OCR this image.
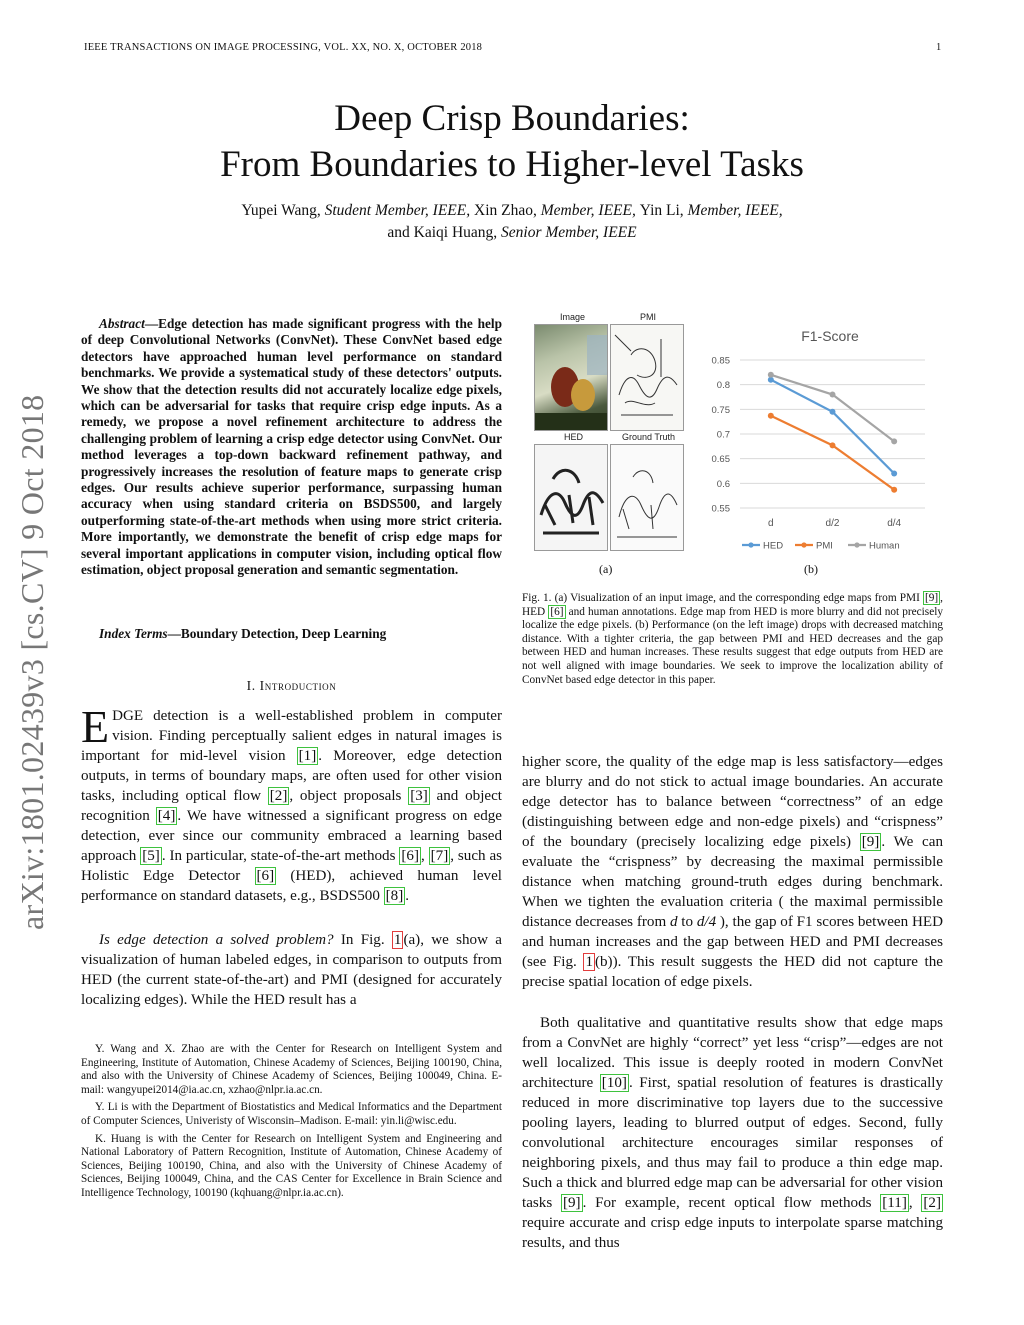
IEEE TRANSACTIONS ON IMAGE PROCESSING, VOL. XX, NO. X, OCTOBER 2018	1
arXiv:1801.02439v3 [cs.CV] 9 Oct 2018
Deep Crisp Boundaries:
From Boundaries to Higher-level Tasks
Yupei Wang, Student Member, IEEE, Xin Zhao, Member, IEEE, Yin Li, Member, IEEE,
and Kaiqi Huang, Senior Member, IEEE
Abstract—Edge detection has made significant progress with the help of deep Convolutional Networks (ConvNet). These ConvNet based edge detectors have approached human level performance on standard benchmarks. We provide a systematical study of these detectors' outputs. We show that the detection results did not accurately localize edge pixels, which can be adversarial for tasks that require crisp edge inputs. As a remedy, we propose a novel refinement architecture to address the challenging problem of learning a crisp edge detector using ConvNet. Our method leverages a top-down backward refinement pathway, and progressively increases the resolution of feature maps to generate crisp edges. Our results achieve superior performance, surpassing human accuracy when using standard criteria on BSDS500, and largely outperforming state-of-the-art methods when using more strict criteria. More importantly, we demonstrate the benefit of crisp edge maps for several important applications in computer vision, including optical flow estimation, object proposal generation and semantic segmentation.
Index Terms—Boundary Detection, Deep Learning
I. Introduction
EDGE detection is a well-established problem in computer vision. Finding perceptually salient edges in natural images is important for mid-level vision [1] . Moreover, edge detection outputs, in terms of boundary maps, are often used for other vision tasks, including optical flow [2] , object proposals [3] and object recognition [4] . We have witnessed a significant progress on edge detection, ever since our community embraced a learning based approach [5] . In particular, state-of-the-art methods [6] , [7] , such as Holistic Edge Detector [6] (HED), achieved human level performance on standard datasets, e.g., BSDS500 [8] .
Is edge detection a solved problem? In Fig. 1 (a), we show a visualization of human labeled edges, in comparison to outputs from HED (the current state-of-the-art) and PMI (designed for accurately localizing edges). While the HED result has a

Y. Wang and X. Zhao are with the Center for Research on Intelligent System and Engineering, Institute of Automation, Chinese Academy of Sciences, Beijing 100190, China, and also with the University of Chinese Academy of Sciences, Beijing 100049, China. E-mail: wangyupei2014@ia.ac.cn, xzhao@nlpr.ia.ac.cn.

Y. Li is with the Department of Biostatistics and Medical Informatics and the Department of Computer Sciences, Univeristy of Wisconsin–Madison. E-mail: yin.li@wisc.edu.

K. Huang is with the Center for Research on Intelligent System and Engineering and National Laboratory of Pattern Recognition, Institute of Automation, Chinese Academy of Sciences, Beijing 100190, China, and also with the University of Chinese Academy of Sciences, Beijing 100049, China, and the CAS Center for Excellence in Brain Science and Intelligence Technology, 100190 (kqhuang@nlpr.ia.ac.cn).

Image	PMI
HED	Ground Truth
F1-Score
0.85
0.8
0.75
0.7
0.65
0.6
0.55
d	d/2	d/4
HED	PMI	Human
(a)	(b)
Fig. 1. (a) Visualization of an input image, and the corresponding edge maps from PMI [9] , HED [6] and human annotations. Edge map from HED is more blurry and did not precisely localize the edge pixels. (b) Performance (on the left image) drops with decreased matching distance. With a tighter criteria, the gap between PMI and HED decreases and the gap between HED and human increases. These results suggest that edge outputs from HED are not well aligned with image boundaries. We seek to improve the localization ability of ConvNet based edge detector in this paper.
higher score, the quality of the edge map is less satisfactory—edges are blurry and do not stick to actual image boundaries. An accurate edge detector has to balance between “correctness” of an edge (distinguishing between edge and non-edge pixels) and “crispness” of the boundary (precisely localizing edge pixels) [9] . We can evaluate the “crispness” by decreasing the maximal permissible distance when matching ground-truth edges during benchmark. When we tighten the evaluation criteria ( the maximal permissible distance decreases from d to d/4 ), the gap of F1 scores between HED and human increases and the gap between HED and PMI decreases (see Fig. 1 (b)). This result suggests the HED did not capture the precise spatial location of edge pixels.
Both qualitative and quantitative results show that edge maps from a ConvNet are highly “correct” yet less “crisp”—edges are not well localized. This issue is deeply rooted in modern ConvNet architecture [10] . First, spatial resolution of features is drastically reduced in more discriminative top layers due to the successive pooling layers, leading to blurred output of edges. Second, fully convolutional architecture encourages similar responses of neighboring pixels, and thus may fail to produce a thin edge map. Such a thick and blurred edge map can be adversarial for other vision tasks [9] . For example, recent optical flow methods [11] , [2] require accurate and crisp edge inputs to interpolate sparse matching results, and thus
